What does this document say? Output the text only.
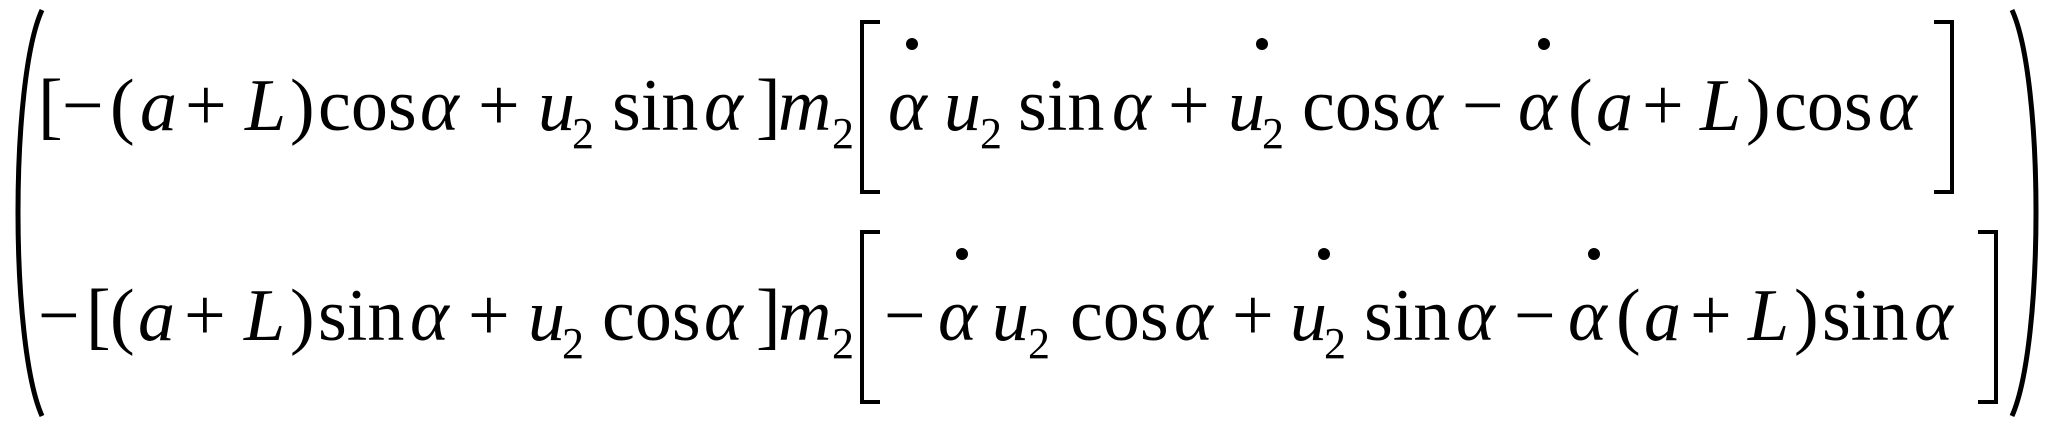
[ − ( a + L ) cos α + u
2 sin α ]
m 2 α u 2 sin α + u
2 cos α − α ( a + L ) cos α
− [ ( a + L ) sin α + u
2 cos α ]
m 2 − α u 2 cos α + u
2 sin α − α ( a + L ) sin α
